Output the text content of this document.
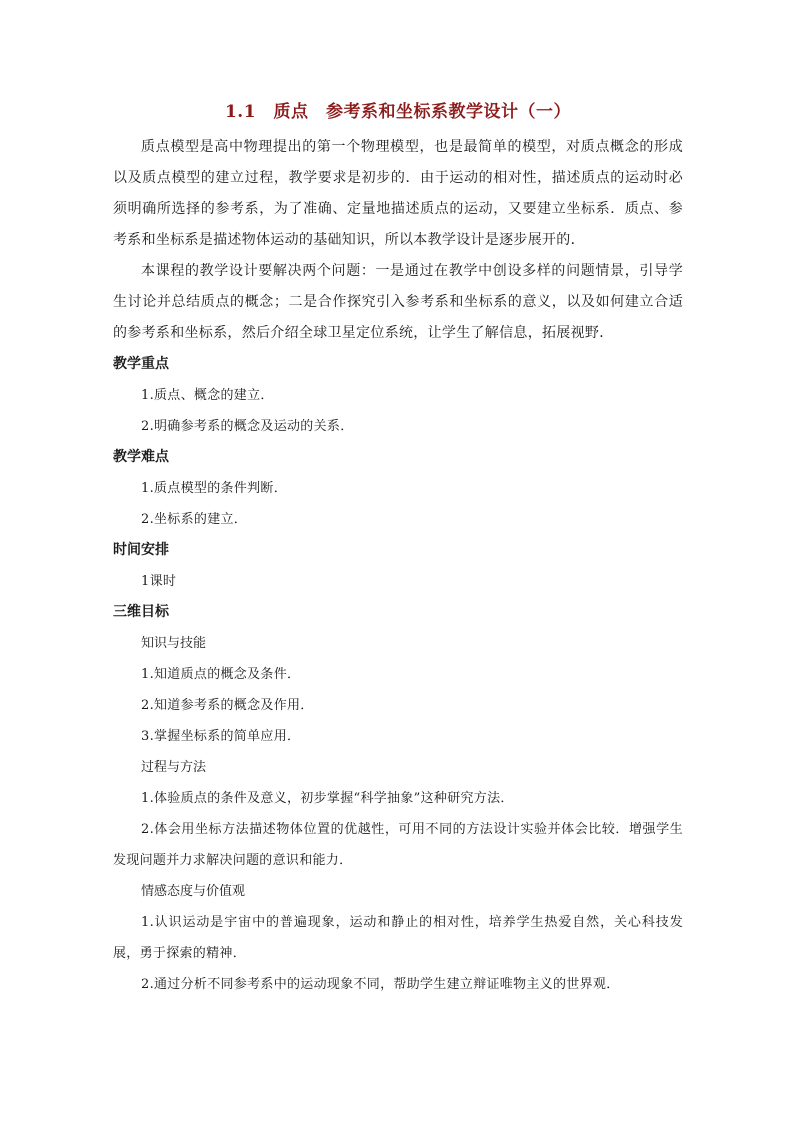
1.1　质点　参考系和坐标系教学设计（一）

质点模型是高中物理提出的第一个物理模型，也是最简单的模型，对质点概念的形成以及质点模型的建立过程，教学要求是初步的．由于运动的相对性，描述质点的运动时必须明确所选择的参考系，为了准确、定量地描述质点的运动，又要建立坐标系．质点、参考系和坐标系是描述物体运动的基础知识，所以本教学设计是逐步展开的．

本课程的教学设计要解决两个问题：一是通过在教学中创设多样的问题情景，引导学生讨论并总结质点的概念；二是合作探究引入参考系和坐标系的意义，以及如何建立合适的参考系和坐标系，然后介绍全球卫星定位系统，让学生了解信息，拓展视野．

教学重点

1.质点、概念的建立．

2.明确参考系的概念及运动的关系．

教学难点

1.质点模型的条件判断．

2.坐标系的建立．

时间安排

1课时

三维目标

知识与技能

1.知道质点的概念及条件．

2.知道参考系的概念及作用．

3.掌握坐标系的简单应用．

过程与方法

1.体验质点的条件及意义，初步掌握“科学抽象”这种研究方法．

2.体会用坐标方法描述物体位置的优越性，可用不同的方法设计实验并体会比较．增强学生发现问题并力求解决问题的意识和能力．

情感态度与价值观

1.认识运动是宇宙中的普遍现象，运动和静止的相对性，培养学生热爱自然，关心科技发展，勇于探索的精神．

2.通过分析不同参考系中的运动现象不同，帮助学生建立辩证唯物主义的世界观．
